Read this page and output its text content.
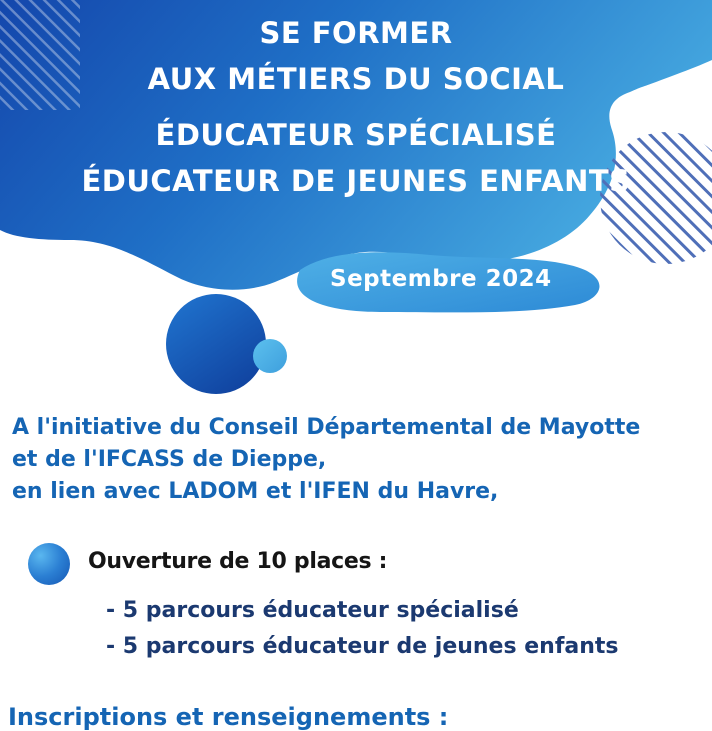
SE FORMER
AUX MÉTIERS DU SOCIAL
ÉDUCATEUR SPÉCIALISÉ
ÉDUCATEUR DE JEUNES ENFANTS
Septembre 2024

A l'initiative du Conseil Départemental de Mayotte

et de l'IFCASS de Dieppe,

en lien avec LADOM et l'IFEN du Havre,

Ouverture de 10 places :
- 5 parcours éducateur spécialisé
- 5 parcours éducateur de jeunes enfants
Inscriptions et renseignements :
